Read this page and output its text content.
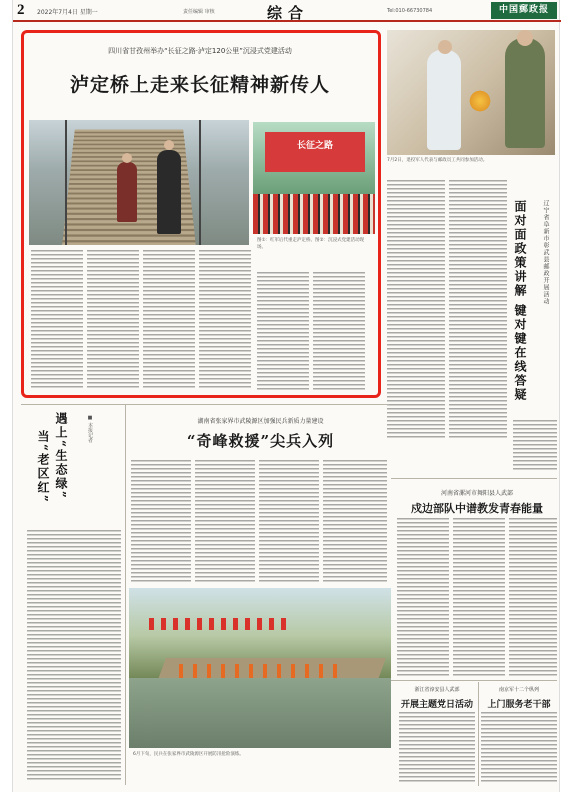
2 2022年7月4日 星期一	责任编辑 审核	综合	Tel:010-66730784	中国郵政报
四川省甘孜州举办“长征之路·泸定120公里”沉浸式党建活动
泸定桥上走来长征精神新传人
长征之路
图①：红军后代重走泸定桥。图②：沉浸式党建活动现场。
7月2日，退役军人代表与邮政员工共同参加活动。
面对面政策讲解 键对键在线答疑	辽宁省阜新市彰武县邮政开展活动
遇上“生态绿”
当“老区红”
■ 本报记者	湖南省张家界市武陵源区加强民兵新质力量建设
“奇峰救援”尖兵入列
6月下旬，民兵在张家界市武陵源区开展防汛抢险演练。
河南省漯河市舞阳县人武部
戍边部队中谱教发青春能量
浙江省淳安县人武部
开展主题党日活动
南京军十二个纵列
上门服务老干部
